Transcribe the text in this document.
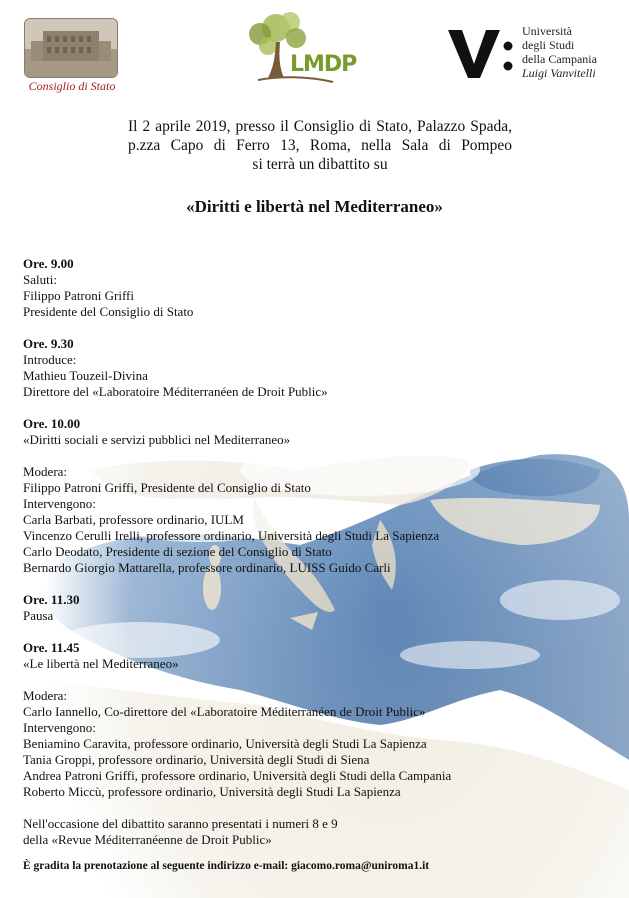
Consiglio di Stato
LMDP
Università
degli Studi
della Campania
Luigi Vanvitelli
Il 2 aprile 2019, presso il Consiglio di Stato, Palazzo Spada,
p.zza Capo di Ferro 13, Roma, nella Sala di Pompeo
si terrà un dibattito su
«Diritti e libertà nel Mediterraneo»

Ore. 9.00

Saluti:

Filippo Patroni Griffi

Presidente del Consiglio di Stato

Ore. 9.30

Introduce:

Mathieu Touzeil-Divina

Direttore del «Laboratoire Méditerranéen de Droit Public»

Ore. 10.00

«Diritti sociali e servizi pubblici nel Mediterraneo»

Modera:

Filippo Patroni Griffi, Presidente del Consiglio di Stato

Intervengono:

Carla Barbati, professore ordinario, IULM

Vincenzo Cerulli Irelli, professore ordinario, Università degli Studi La Sapienza

Carlo Deodato, Presidente di sezione del Consiglio di Stato

Bernardo Giorgio Mattarella, professore ordinario, LUISS Guido Carli

Ore. 11.30

Pausa

Ore. 11.45

«Le libertà nel Mediterraneo»

Modera:

Carlo Iannello, Co-direttore del «Laboratoire Méditerranéen de Droit Public»

Intervengono:

Beniamino Caravita, professore ordinario, Università degli Studi La Sapienza

Tania Groppi, professore ordinario, Università degli Studi di Siena

Andrea Patroni Griffi, professore ordinario, Università degli Studi della Campania

Roberto Miccù, professore ordinario, Università degli Studi La Sapienza

Nell'occasione del dibattito saranno presentati i numeri 8 e 9

della «Revue Méditerranéenne de Droit Public»

È gradita la prenotazione al seguente indirizzo e-mail: giacomo.roma@uniroma1.it
